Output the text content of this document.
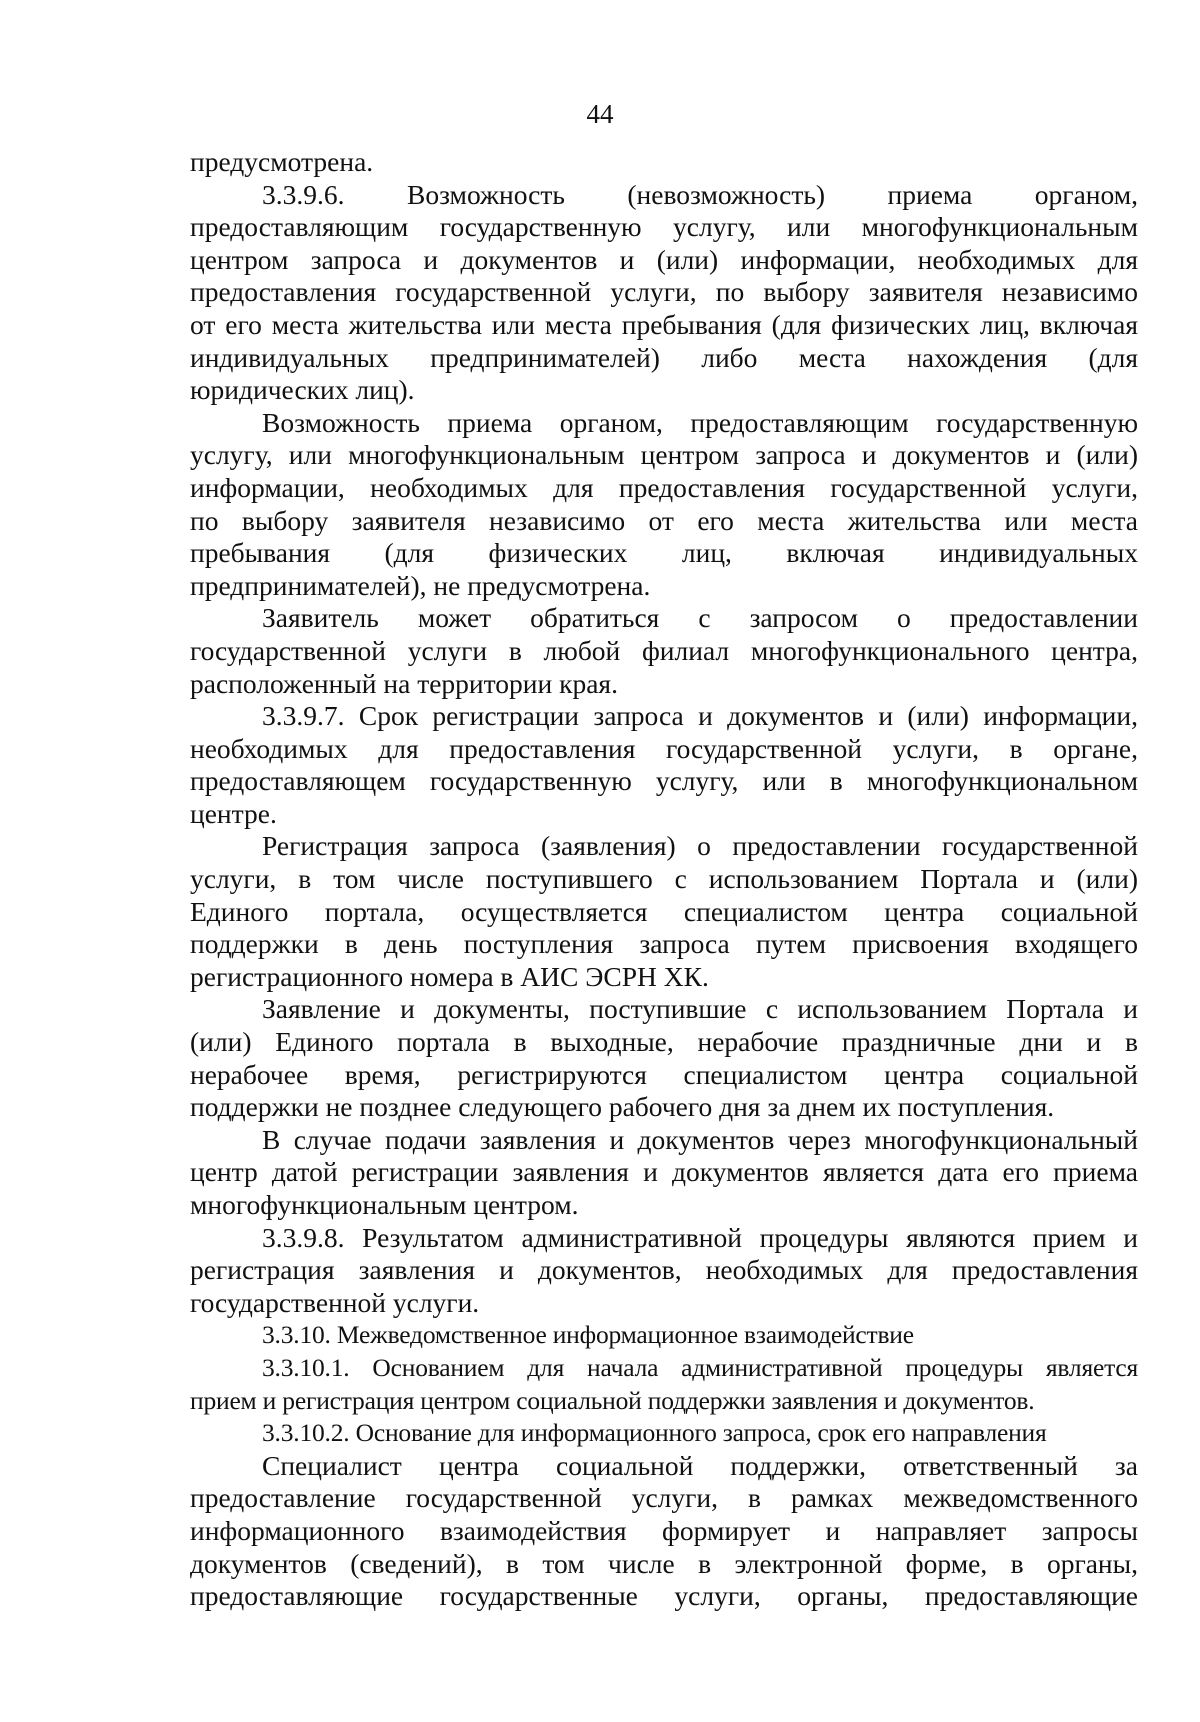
44
предусмотрена.
3.3.9.6. Возможность (невозможность) приема органом,
предоставляющим государственную услугу, или многофункциональным
центром запроса и документов и (или) информации, необходимых для
предоставления государственной услуги, по выбору заявителя независимо
от его места жительства или места пребывания (для физических лиц, включая
индивидуальных предпринимателей) либо места нахождения (для
юридических лиц).
Возможность приема органом, предоставляющим государственную
услугу, или многофункциональным центром запроса и документов и (или)
информации, необходимых для предоставления государственной услуги,
по выбору заявителя независимо от его места жительства или места
пребывания (для физических лиц, включая индивидуальных
предпринимателей), не предусмотрена.
Заявитель может обратиться с запросом о предоставлении
государственной услуги в любой филиал многофункционального центра,
расположенный на территории края.
3.3.9.7. Срок регистрации запроса и документов и (или) информации,
необходимых для предоставления государственной услуги, в органе,
предоставляющем государственную услугу, или в многофункциональном
центре.
Регистрация запроса (заявления) о предоставлении государственной
услуги, в том числе поступившего с использованием Портала и (или)
Единого портала, осуществляется специалистом центра социальной
поддержки в день поступления запроса путем присвоения входящего
регистрационного номера в АИС ЭСРН ХК.
Заявление и документы, поступившие с использованием Портала и
(или) Единого портала в выходные, нерабочие праздничные дни и в
нерабочее время, регистрируются специалистом центра социальной
поддержки не позднее следующего рабочего дня за днем их поступления.
В случае подачи заявления и документов через многофункциональный
центр датой регистрации заявления и документов является дата его приема
многофункциональным центром.
3.3.9.8. Результатом административной процедуры являются прием и
регистрация заявления и документов, необходимых для предоставления
государственной услуги.
3.3.10. Межведомственное информационное взаимодействие
3.3.10.1. Основанием для начала административной процедуры является
прием и регистрация центром социальной поддержки заявления и документов.
3.3.10.2. Основание для информационного запроса, срок его направления
Специалист центра социальной поддержки, ответственный за
предоставление государственной услуги, в рамках межведомственного
информационного взаимодействия формирует и направляет запросы
документов (сведений), в том числе в электронной форме, в органы,
предоставляющие государственные услуги, органы, предоставляющие
